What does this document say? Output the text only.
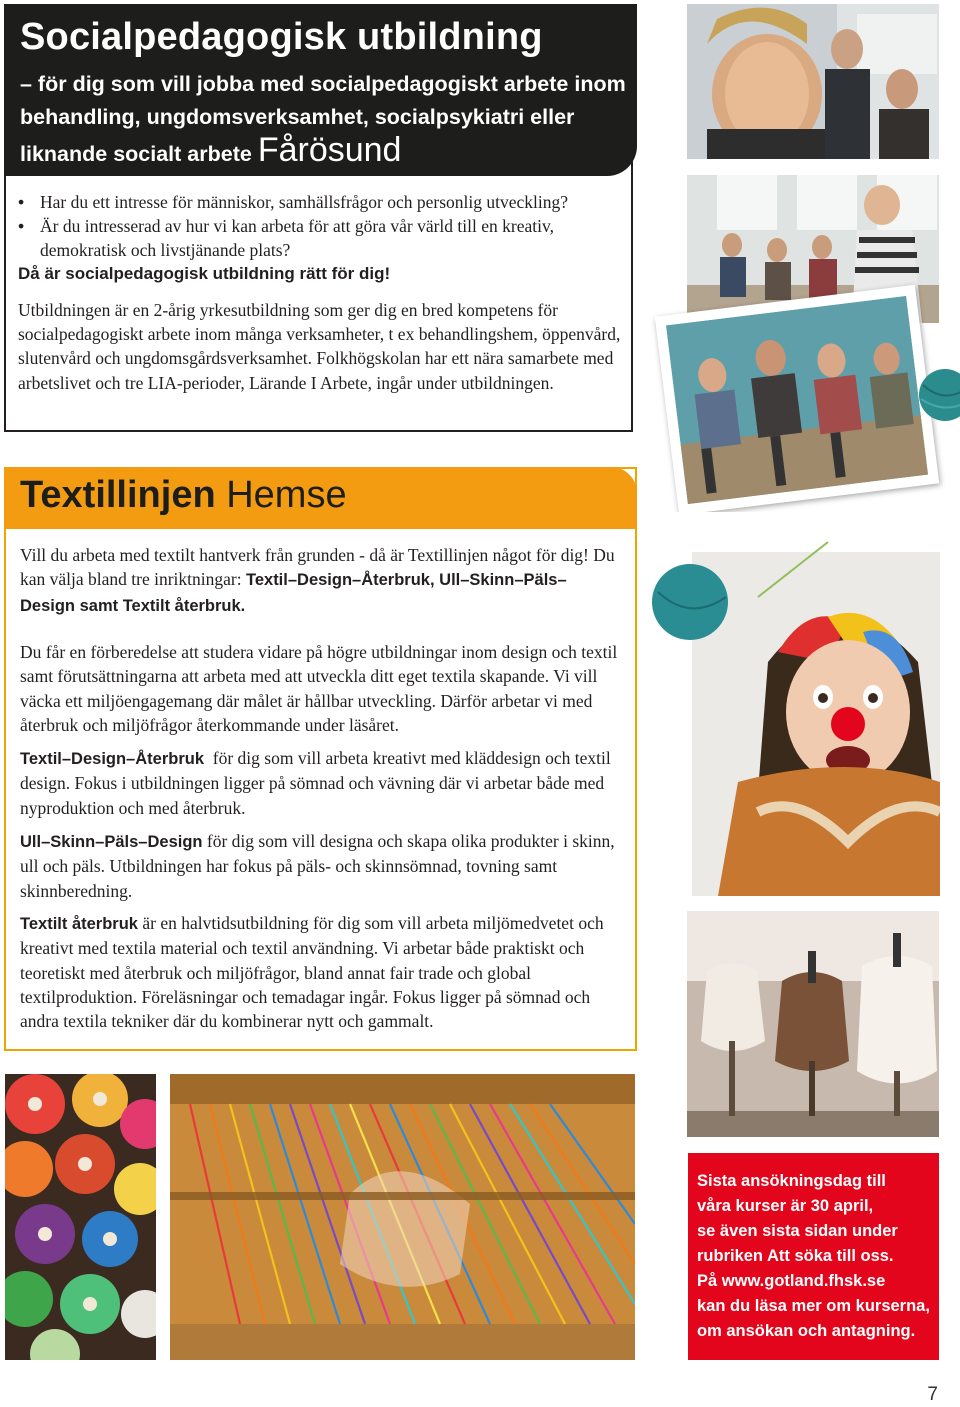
Socialpedagogisk utbildning
– för dig som vill jobba med socialpedagogiskt arbete inom behandling, ungdomsverksamhet, socialpsykiatri eller liknande socialt arbete Fårösund
• Har du ett intresse för människor, samhällsfrågor och personlig utveckling?
• Är du intresserad av hur vi kan arbeta för att göra vår värld till en kreativ, demokratisk och livstjänande plats?
Då är socialpedagogisk utbildning rätt för dig!
Utbildningen är en 2-årig yrkesutbildning som ger dig en bred kompetens för socialpedagogiskt arbete inom många verksamheter, t ex behandlingshem, öppenvård, slutenvård och ungdomsgårdsverksamhet. Folkhögskolan har ett nära samarbete med arbetslivet och tre LIA-perioder, Lärande I Arbete, ingår under utbildningen.
Textillinjen Hemse
Vill du arbeta med textilt hantverk från grunden - då är Textillinjen något för dig! Du kan välja bland tre inriktningar: Textil–Design–Återbruk, Ull–Skinn–Päls–Design samt Textilt återbruk.
Du får en förberedelse att studera vidare på högre utbildningar inom design och textil samt förutsättningarna att arbeta med att utveckla ditt eget textila skapande. Vi vill väcka ett miljöengagemang där målet är hållbar utveckling. Därför arbetar vi med återbruk och miljöfrågor återkommande under läsåret.
Textil–Design–Återbruk för dig som vill arbeta kreativt med kläddesign och textil design. Fokus i utbildningen ligger på sömnad och vävning där vi arbetar både med nyproduktion och med återbruk.
Ull–Skinn–Päls–Design för dig som vill designa och skapa olika produkter i skinn, ull och päls. Utbildningen har fokus på päls- och skinnsömnad, tovning samt skinnberedning.
Textilt återbruk är en halvtidsutbildning för dig som vill arbeta miljömedvetet och kreativt med textila material och textil användning. Vi arbetar både praktiskt och teoretiskt med återbruk och miljöfrågor, bland annat fair trade och global textilproduktion. Föreläsningar och temadagar ingår. Fokus ligger på sömnad och andra textila tekniker där du kombinerar nytt och gammalt.
Sista ansökningsdag till
våra kurser är 30 april,
se även sista sidan under
rubriken Att söka till oss.
På www.gotland.fhsk.se
kan du läsa mer om kurserna,
om ansökan och antagning.
7
